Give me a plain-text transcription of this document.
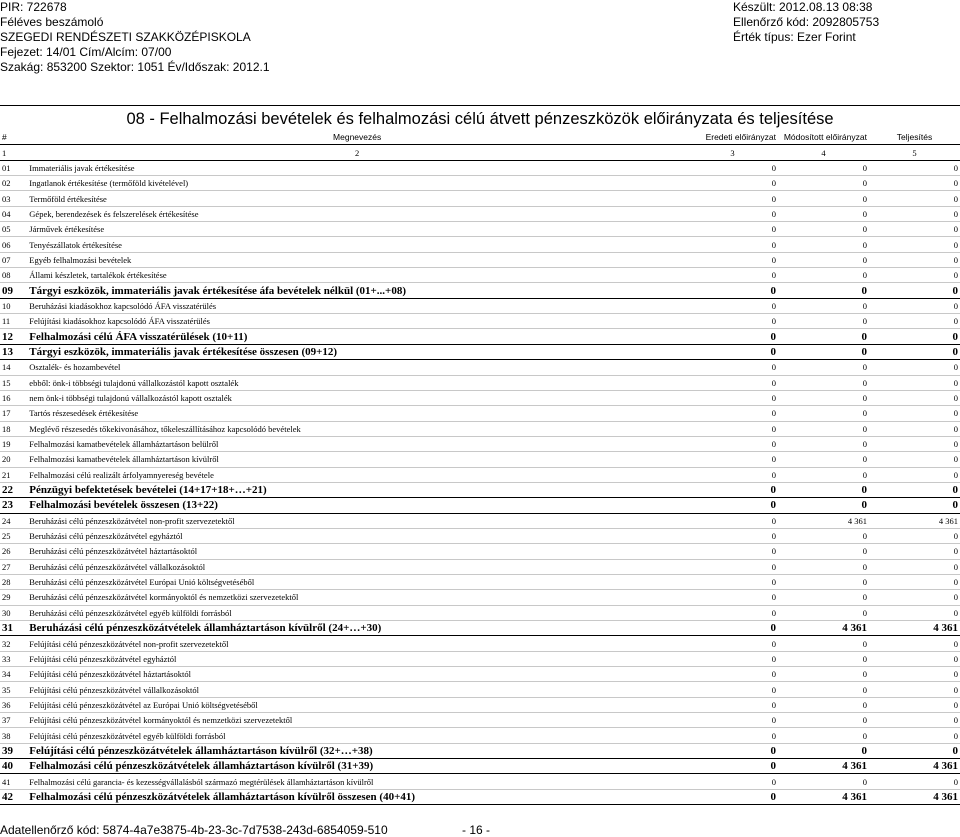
PIR: 722678
Féléves beszámoló
SZEGEDI RENDÉSZETI SZAKKÖZÉPISKOLA
Fejezet: 14/01 Cím/Alcím: 07/00
Szakág: 853200 Szektor: 1051 Év/Időszak: 2012.1
Készült: 2012.08.13 08:38
Ellenőrző kód: 2092805753
Érték típus: Ezer Forint
08 - Felhalmozási bevételek és felhalmozási célú átvett pénzeszközök előirányzata és teljesítése
#	Megnevezés	Eredeti előirányzat	Módosított előirányzat	Teljesítés
1	2	3	4	5
01	Immateriális javak értékesítése	0	0	0
02	Ingatlanok értékesítése (termőföld kivételével)	0	0	0
03	Termőföld értékesítése	0	0	0
04	Gépek, berendezések és felszerelések értékesítése	0	0	0
05	Járművek értékesítése	0	0	0
06	Tenyészállatok értékesítése	0	0	0
07	Egyéb felhalmozási bevételek	0	0	0
08	Állami készletek, tartalékok értékesítése	0	0	0
09	Tárgyi eszközök, immateriális javak értékesítése áfa bevételek nélkül (01+...+08)	0	0	0
10	Beruházási kiadásokhoz kapcsolódó ÁFA visszatérülés	0	0	0
11	Felújítási kiadásokhoz kapcsolódó ÁFA visszatérülés	0	0	0
12	Felhalmozási célú ÁFA visszatérülések (10+11)	0	0	0
13	Tárgyi eszközök, immateriális javak értékesítése összesen (09+12)	0	0	0
14	Osztalék- és hozambevétel	0	0	0
15	ebből: önk-i többségi tulajdonú vállalkozástól kapott osztalék	0	0	0
16	nem önk-i többségi tulajdonú vállalkozástól kapott osztalék	0	0	0
17	Tartós részesedések értékesítése	0	0	0
18	Meglévő részesedés tőkekivonásához, tőkeleszállításához kapcsolódó bevételek	0	0	0
19	Felhalmozási kamatbevételek államháztartáson belülről	0	0	0
20	Felhalmozási kamatbevételek államháztartáson kívülről	0	0	0
21	Felhalmozási célú realizált árfolyamnyereség bevétele	0	0	0
22	Pénzügyi befektetések bevételei (14+17+18+…+21)	0	0	0
23	Felhalmozási bevételek összesen (13+22)	0	0	0
24	Beruházási célú pénzeszközátvétel non-profit szervezetektől	0	4 361	4 361
25	Beruházási célú pénzeszközátvétel egyháztól	0	0	0
26	Beruházási célú pénzeszközátvétel háztartásoktól	0	0	0
27	Beruházási célú pénzeszközátvétel vállalkozásoktól	0	0	0
28	Beruházási célú pénzeszközátvétel Európai Unió költségvetéséből	0	0	0
29	Beruházási célú pénzeszközátvétel kormányoktól és nemzetközi szervezetektől	0	0	0
30	Beruházási célú pénzeszközátvétel egyéb külföldi forrásból	0	0	0
31	Beruházási célú pénzeszközátvételek államháztartáson kívülről (24+…+30)	0	4 361	4 361
32	Felújítási célú pénzeszközátvétel non-profit szervezetektől	0	0	0
33	Felújítási célú pénzeszközátvétel egyháztól	0	0	0
34	Felújítási célú pénzeszközátvétel háztartásoktól	0	0	0
35	Felújítási célú pénzeszközátvétel vállalkozásoktól	0	0	0
36	Felújítási célú pénzeszközátvétel az Európai Unió költségvetéséből	0	0	0
37	Felújítási célú pénzeszközátvétel kormányoktól és nemzetközi szervezetektől	0	0	0
38	Felújítási célú pénzeszközátvétel egyéb külföldi forrásból	0	0	0
39	Felújítási célú pénzeszközátvételek államháztartáson kívülről (32+…+38)	0	0	0
40	Felhalmozási célú pénzeszközátvételek államháztartáson kívülről (31+39)	0	4 361	4 361
41	Felhalmozási célú garancia- és kezességvállalásból származó megtérülések államháztartáson kívülről	0	0	0
42	Felhalmozási célú pénzeszközátvételek államháztartáson kívülről összesen (40+41)	0	4 361	4 361
Adatellenőrző kód: 5874-4a7e3875-4b-23-3c-7d7538-243d-6854059-510	- 16 -
